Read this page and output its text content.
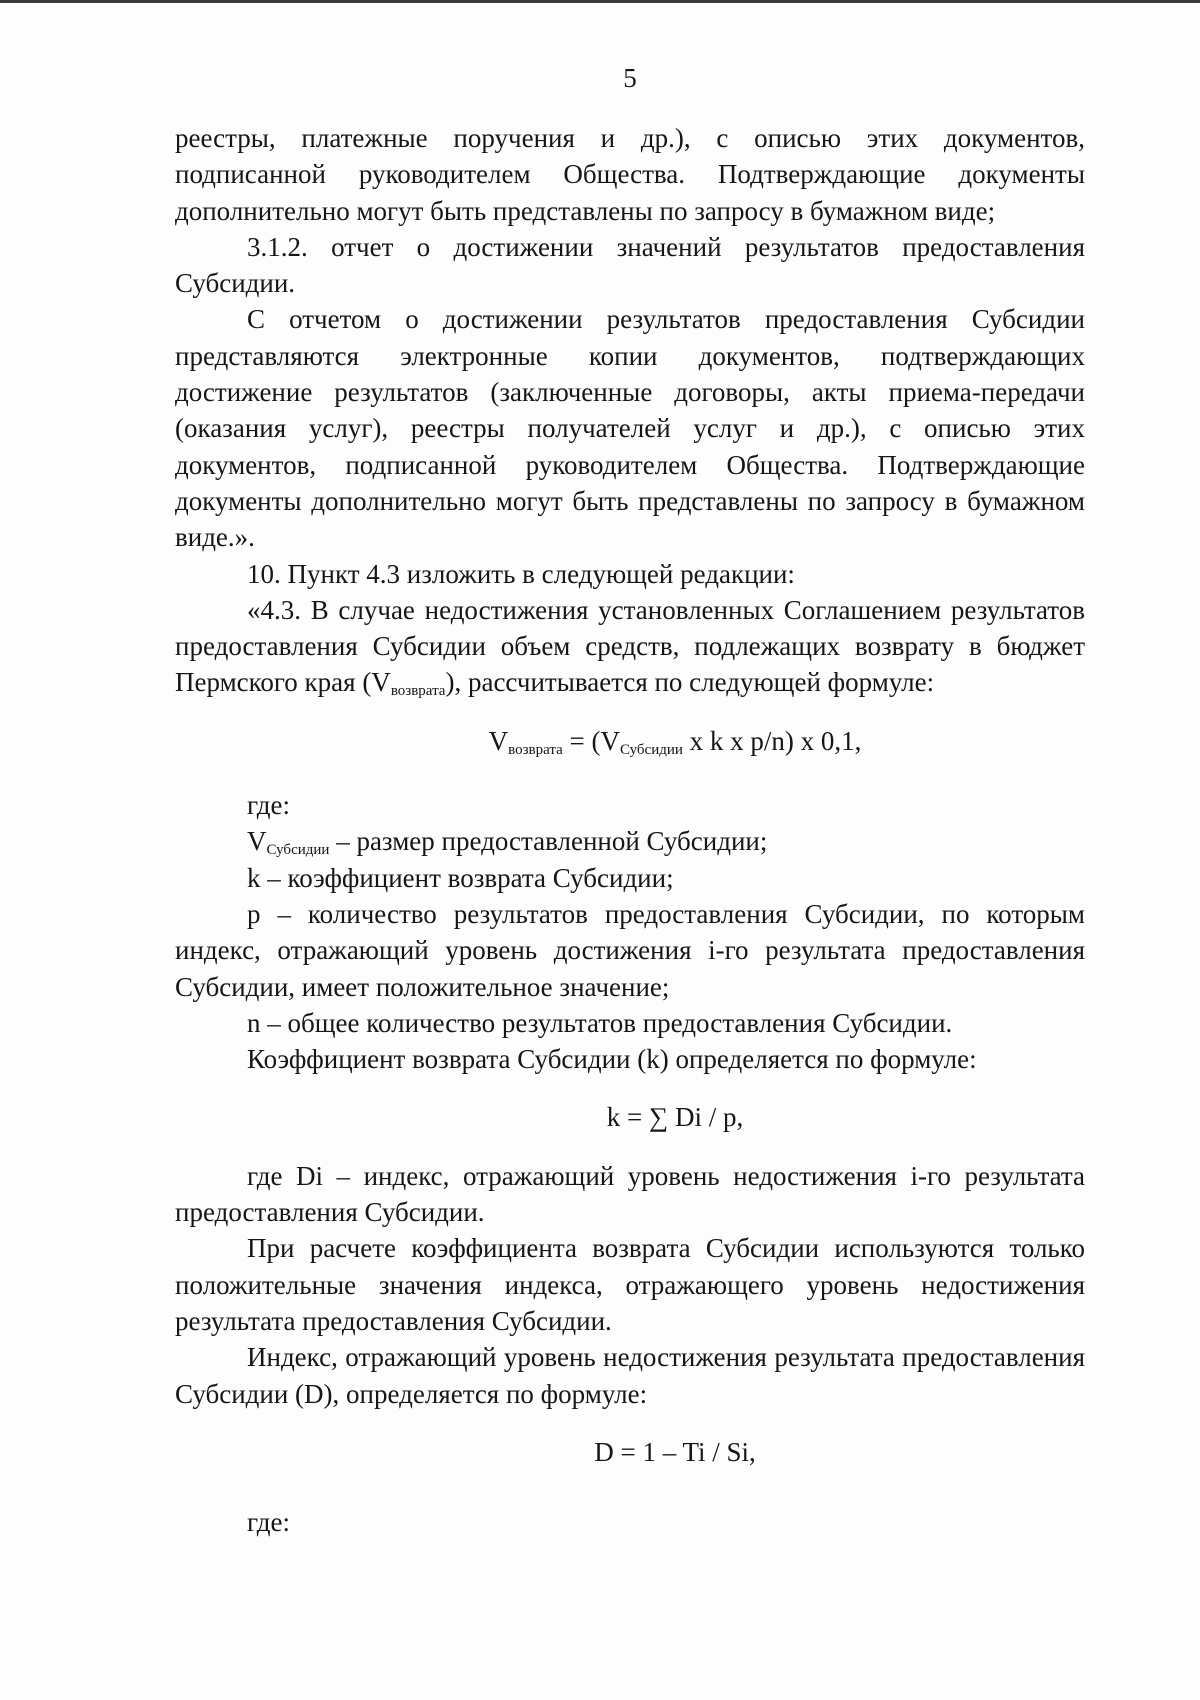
5

реестры, платежные поручения и др.), с описью этих документов, подписанной руководителем Общества. Подтверждающие документы дополнительно могут быть представлены по запросу в бумажном виде;

3.1.2. отчет о достижении значений результатов предоставления Субсидии.

С отчетом о достижении результатов предоставления Субсидии представляются электронные копии документов, подтверждающих достижение результатов (заключенные договоры, акты приема-передачи (оказания услуг), реестры получателей услуг и др.), с описью этих документов, подписанной руководителем Общества. Подтверждающие документы дополнительно могут быть представлены по запросу в бумажном виде.».

10. Пункт 4.3 изложить в следующей редакции:

«4.3. В случае недостижения установленных Соглашением результатов предоставления Субсидии объем средств, подлежащих возврату в бюджет Пермского края $(V_{возврата})$, рассчитывается по следующей формуле:

$V_{возврата} = (V_{Субсидии}$ x k x p/n) x 0,1,

где:

$V_{Субсидии}$ – размер предоставленной Субсидии;

k – коэффициент возврата Субсидии;

p – количество результатов предоставления Субсидии, по которым индекс, отражающий уровень достижения i-го результата предоставления Субсидии, имеет положительное значение;

n – общее количество результатов предоставления Субсидии.

Коэффициент возврата Субсидии (k) определяется по формуле:

k = ∑ Di / p,

где Di – индекс, отражающий уровень недостижения i-го результата предоставления Субсидии.

При расчете коэффициента возврата Субсидии используются только положительные значения индекса, отражающего уровень недостижения результата предоставления Субсидии.

Индекс, отражающий уровень недостижения результата предоставления Субсидии (D), определяется по формуле:

D = 1 – Ti / Si,

где:
